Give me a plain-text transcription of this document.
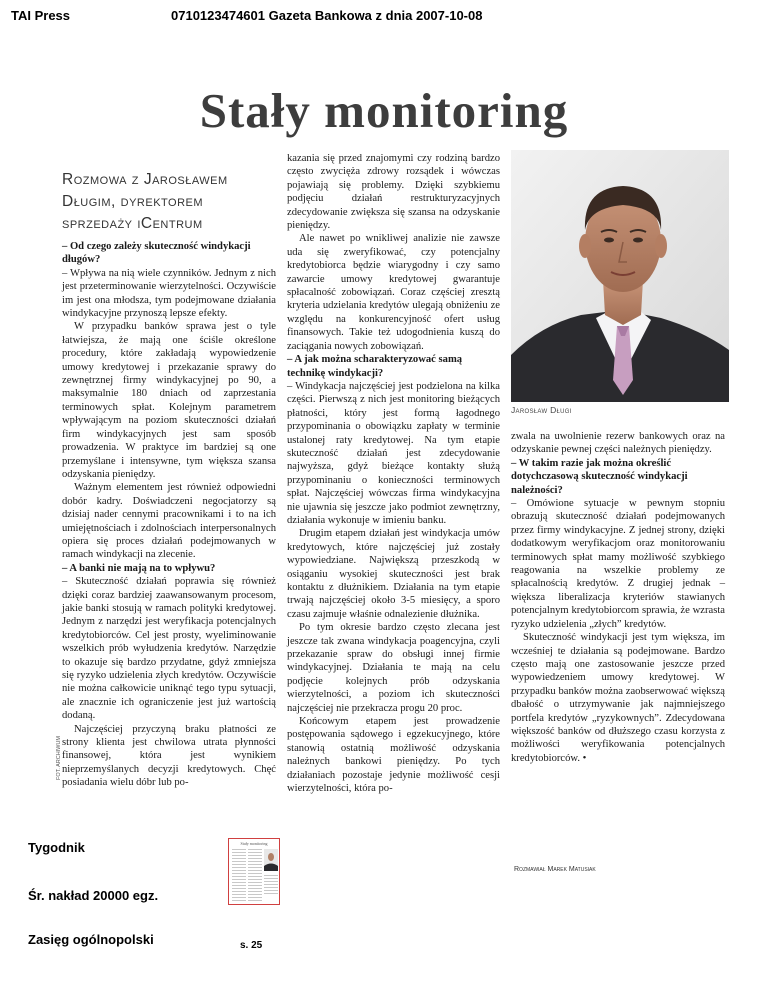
TAI Press	0710123474601 Gazeta Bankowa z dnia 2007-10-08
Stały monitoring
Rozmowa z Jarosławem Długim, dyrektorem sprzedaży iCentrum

– Od czego zależy skuteczność windykacji długów?

– Wpływa na nią wiele czynników. Jednym z nich jest przeterminowanie wierzytelności. Oczywiście im jest ona młodsza, tym podejmowane działania windykacyjne przynoszą lepsze efekty.

W przypadku banków sprawa jest o tyle łatwiejsza, że mają one ściśle określone procedury, które zakładają wypowiedzenie umowy kredytowej i przekazanie sprawy do zewnętrznej firmy windykacyjnej po 90, a maksymalnie 180 dniach od zaprzestania terminowych spłat. Kolejnym parametrem wpływającym na poziom skuteczności działań firm windykacyjnych jest sam sposób prowadzenia. W praktyce im bardziej są one przemyślane i intensywne, tym większa szansa odzyskania pieniędzy.

Ważnym elementem jest również odpowiedni dobór kadry. Doświadczeni negocjatorzy są dzisiaj nader cennymi pracownikami i to na ich umiejętnościach i zdolnościach interpersonalnych opiera się proces działań podejmowanych w ramach windykacji na zlecenie.

– A banki nie mają na to wpływu?

– Skuteczność działań poprawia się również dzięki coraz bardziej zaawansowanym procesom, jakie banki stosują w ramach polityki kredytowej. Jednym z narzędzi jest weryfikacja potencjalnych kredytobiorców. Cel jest prosty, wyeliminowanie wszelkich prób wyłudzenia kredytów. Narzędzie to okazuje się bardzo przydatne, gdyż zmniejsza się ryzyko udzielenia złych kredytów. Oczywiście nie można całkowicie uniknąć tego typu sytuacji, ale znacznie ich ograniczenie jest już wartością dodaną.

Najczęściej przyczyną braku płatności ze strony klienta jest chwilowa utrata płynności finansowej, która jest wynikiem nieprzemyślanych decyzji kredytowych. Chęć posiadania wielu dóbr lub po-

kazania się przed znajomymi czy rodziną bardzo często zwycięża zdrowy rozsądek i wówczas pojawiają się problemy. Dzięki szybkiemu podjęciu działań restrukturyzacyjnych zdecydowanie zwiększa się szansa na odzyskanie pieniędzy.

Ale nawet po wnikliwej analizie nie zawsze uda się zweryfikować, czy potencjalny kredytobiorca będzie wiarygodny i czy samo zawarcie umowy kredytowej gwarantuje spłacalność zobowiązań. Coraz częściej zresztą kryteria udzielania kredytów ulegają obniżeniu ze względu na konkurencyjność ofert usług finansowych. Takie też udogodnienia kuszą do zaciągania nowych zobowiązań.

– A jak można scharakteryzować samą technikę windykacji?

– Windykacja najczęściej jest podzielona na kilka części. Pierwszą z nich jest monitoring bieżących płatności, który jest formą łagodnego przypominania o obowiązku zapłaty w terminie ustalonej raty kredytowej. Na tym etapie skuteczność działań jest zdecydowanie najwyższa, gdyż bieżące kontakty służą przypominaniu o konieczności terminowych spłat. Najczęściej wówczas firma windykacyjna nie ujawnia się jeszcze jako podmiot zewnętrzny, działania wykonuje w imieniu banku.

Drugim etapem działań jest windykacja umów kredytowych, które najczęściej już zostały wypowiedziane. Największą przeszkodą w osiąganiu wysokiej skuteczności jest brak kontaktu z dłużnikiem. Działania na tym etapie trwają najczęściej około 3-5 miesięcy, a sporo czasu zajmuje właśnie odnalezienie dłużnika.

Po tym okresie bardzo często zlecana jest jeszcze tak zwana windykacja poagencyjna, czyli przekazanie spraw do obsługi innej firmie windykacyjnej. Działania te mają na celu podjęcie kolejnych prób odzyskania wierzytelności, a poziom ich skuteczności najczęściej nie przekracza progu 20 proc.

Końcowym etapem jest prowadzenie postępowania sądowego i egzekucyjnego, które stanowią ostatnią możliwość odzyskania należnych bankowi pieniędzy. Po tych działaniach pozostaje jedynie możliwość cesji wierzytelności, która po-

zwala na uwolnienie rezerw bankowych oraz na odzyskanie pewnej części należnych pieniędzy.

– W takim razie jak można określić dotychczasową skuteczność windykacji należności?

– Omówione sytuacje w pewnym stopniu obrazują skuteczność działań podejmowanych przez firmy windykacyjne. Z jednej strony, dzięki dodatkowym weryfikacjom oraz monitorowaniu terminowych spłat mamy możliwość szybkiego reagowania na wszelkie problemy ze spłacalnością kredytów. Z drugiej jednak – większa liberalizacja kryteriów stawianych potencjalnym kredytobiorcom sprawia, że wzrasta ryzyko udzielenia „złych” kredytów.

Skuteczność windykacji jest tym większa, im wcześniej te działania są podejmowane. Bardzo często mają one zastosowanie jeszcze przed wypowiedzeniem umowy kredytowej. W przypadku banków można zaobserwować większą dbałość o utrzymywanie jak najmniejszego portfela kredytów „ryzykownych”. Zdecydowana większość banków od dłuższego czasu korzysta z możliwości weryfikowania potencjalnych kredytobiorców. •

Jarosław Długi
Rozmawiał Marek Matusiak
FOT. ARCHIWUM
Tygodnik
Śr. nakład 20000 egz.
Zasięg ogólnopolski
Stały monitoring
s. 25
